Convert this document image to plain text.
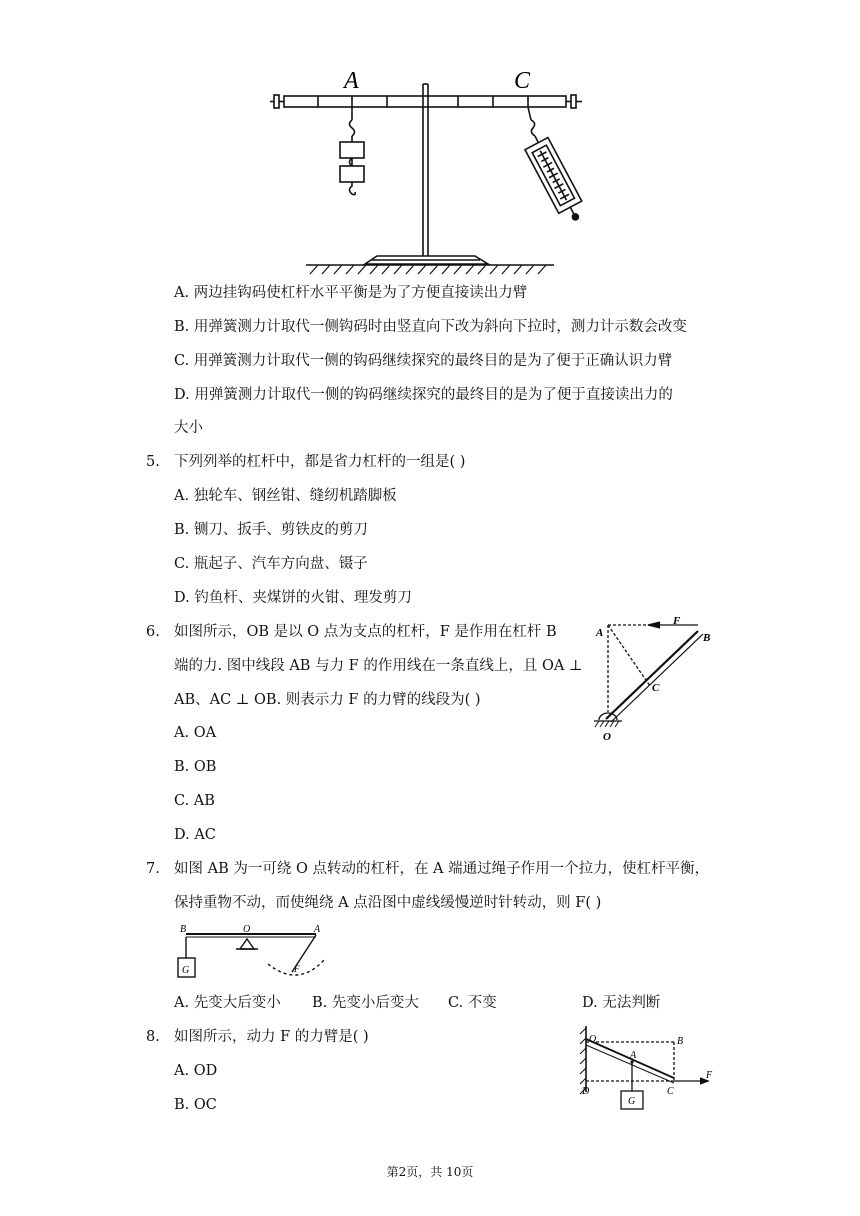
A	C
A. 两边挂钩码使杠杆水平平衡是为了方便直接读出力臂
B. 用弹簧测力计取代一侧钩码时由竖直向下改为斜向下拉时，测力计示数会改变
C. 用弹簧测力计取代一侧的钩码继续探究的最终目的是为了便于正确认识力臂
D. 用弹簧测力计取代一侧的钩码继续探究的最终目的是为了便于直接读出力的
大小
5. 下列列举的杠杆中，都是省力杠杆的一组是( )
A. 独轮车、钢丝钳、缝纫机踏脚板
B. 铡刀、扳手、剪铁皮的剪刀
C. 瓶起子、汽车方向盘、镊子
D. 钓鱼杆、夹煤饼的火钳、理发剪刀
6. 如图所示，OB 是以 O 点为支点的杠杆，F 是作用在杠杆 B
端的力. 图中线段 AB 与力 F 的作用线在一条直线上，且 OA ⊥
AB、AC ⊥ OB. 则表示力 F 的力臂的线段为( )
A. OA
B. OB
C. AB
D. AC
A
F
B
C
O
7. 如图 AB 为一可绕 O 点转动的杠杆，在 A 端通过绳子作用一个拉力，使杠杆平衡，
保持重物不动，而使绳绕 A 点沿图中虚线缓慢逆时针转动，则 F( )
B	O	A
G	F
A. 先变大后变小 B. 先变小后变大 C. 不变	D. 无法判断
8. 如图所示，动力 F 的力臂是( )
A. OD
B. OC
O	B
A
D	C
F
G
第2页，共 10页
